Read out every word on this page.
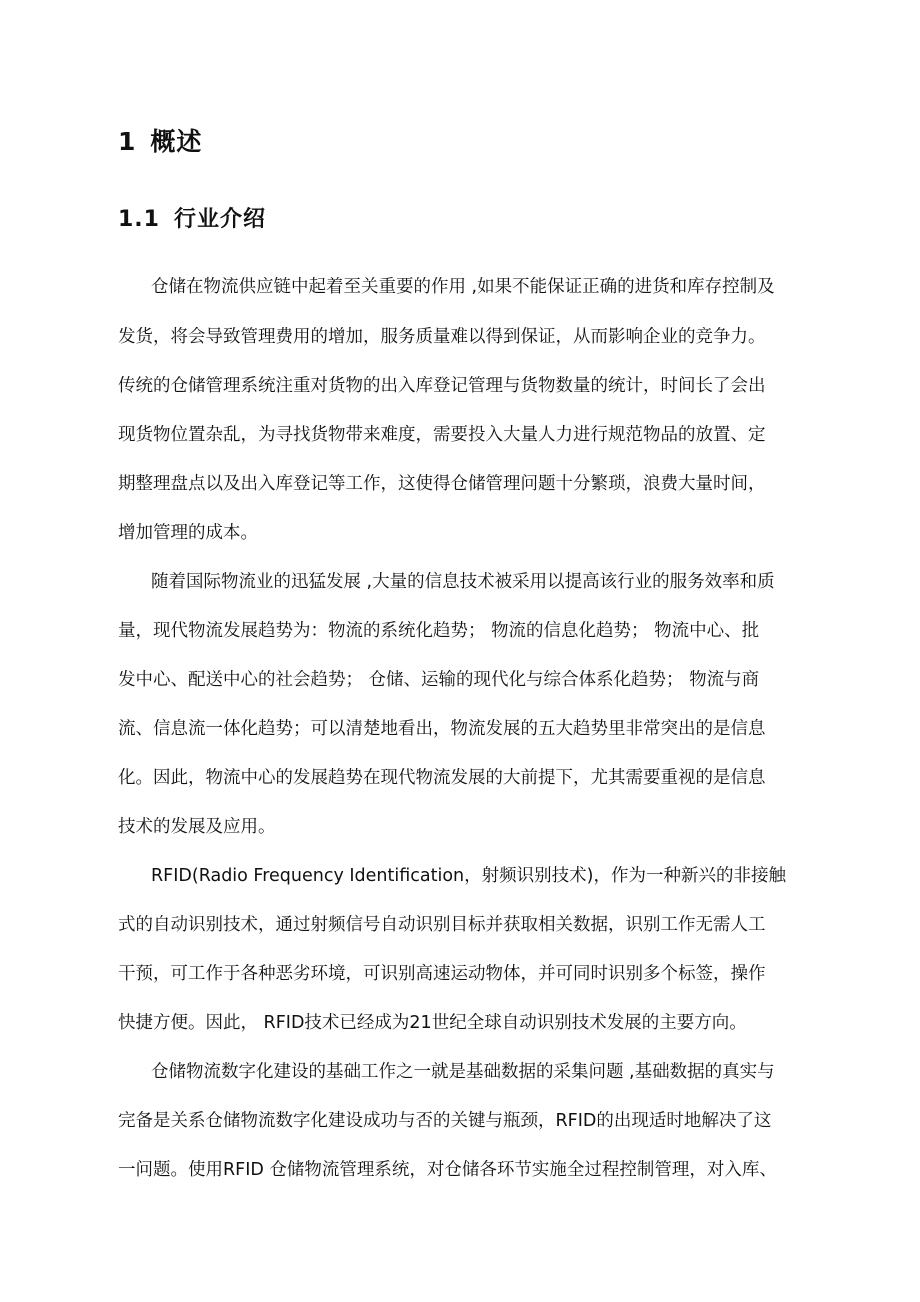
1 概述
1.1 行业介绍
仓储在物流供应链中起着至关重要的作用 ,如果不能保证正确的进货和库存控制及
发货，将会导致管理费用的增加，服务质量难以得到保证，从而影响企业的竞争力。
传统的仓储管理系统注重对货物的出入库登记管理与货物数量的统计，时间长了会出
现货物位置杂乱，为寻找货物带来难度，需要投入大量人力进行规范物品的放置、定
期整理盘点以及出入库登记等工作，这使得仓储管理问题十分繁琐，浪费大量时间，
增加管理的成本。
随着国际物流业的迅猛发展 ,大量的信息技术被采用以提高该行业的服务效率和质
量，现代物流发展趋势为：物流的系统化趋势； 物流的信息化趋势； 物流中心、批
发中心、配送中心的社会趋势； 仓储、运输的现代化与综合体系化趋势； 物流与商
流、信息流一体化趋势；可以清楚地看出，物流发展的五大趋势里非常突出的是信息
化。因此，物流中心的发展趋势在现代物流发展的大前提下，尤其需要重视的是信息
技术的发展及应用。
RFID(Radio Frequency Identification，射频识别技术)，作为一种新兴的非接触
式的自动识别技术，通过射频信号自动识别目标并获取相关数据，识别工作无需人工
干预，可工作于各种恶劣环境，可识别高速运动物体，并可同时识别多个标签，操作
快捷方便。因此， RFID技术已经成为21世纪全球自动识别技术发展的主要方向。
仓储物流数字化建设的基础工作之一就是基础数据的采集问题 ,基础数据的真实与
完备是关系仓储物流数字化建设成功与否的关键与瓶颈，RFID的出现适时地解决了这
一问题。使用RFID 仓储物流管理系统，对仓储各环节实施全过程控制管理，对入库、
